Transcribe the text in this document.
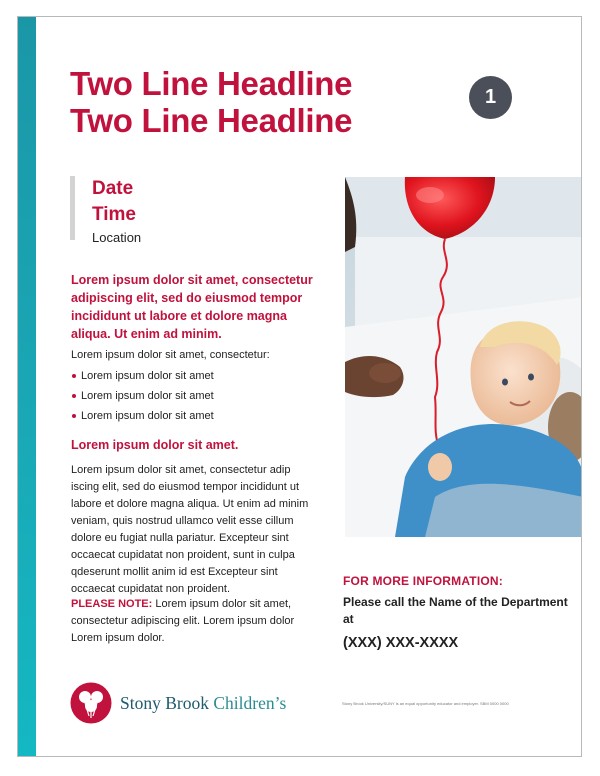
Two Line Headline
Two Line Headline
1
Date
Time
Location

Lorem ipsum dolor sit amet, consectetur adipiscing elit, sed do eiusmod tempor incididunt ut labore et dolore magna aliqua. Ut enim ad minim.

Lorem ipsum dolor sit amet, consectetur:

Lorem ipsum dolor sit amet
Lorem ipsum dolor sit amet
Lorem ipsum dolor sit amet
Lorem ipsum dolor sit amet.

Lorem ipsum dolor sit amet, consectetur adip iscing elit, sed do eiusmod tempor incididunt ut labore et dolore magna aliqua. Ut enim ad minim veniam, quis nostrud ullamco velit esse cillum dolore eu fugiat nulla pariatur. Excepteur sint occaecat cupidatat non proident, sunt in culpa qdeserunt mollit anim id est Excepteur sint occaecat cupidatat non proident.

PLEASE NOTE: Lorem ipsum dolor sit amet, consectetur adipiscing elit. Lorem ipsum dolor Lorem ipsum dolor.

FOR MORE INFORMATION:
Please call the Name of the Department at
(XXX) XXX-XXXX
Stony Brook Children’s	Stony Brook University/SUNY is an equal opportunity educator and employer. SBM 0000 0000
